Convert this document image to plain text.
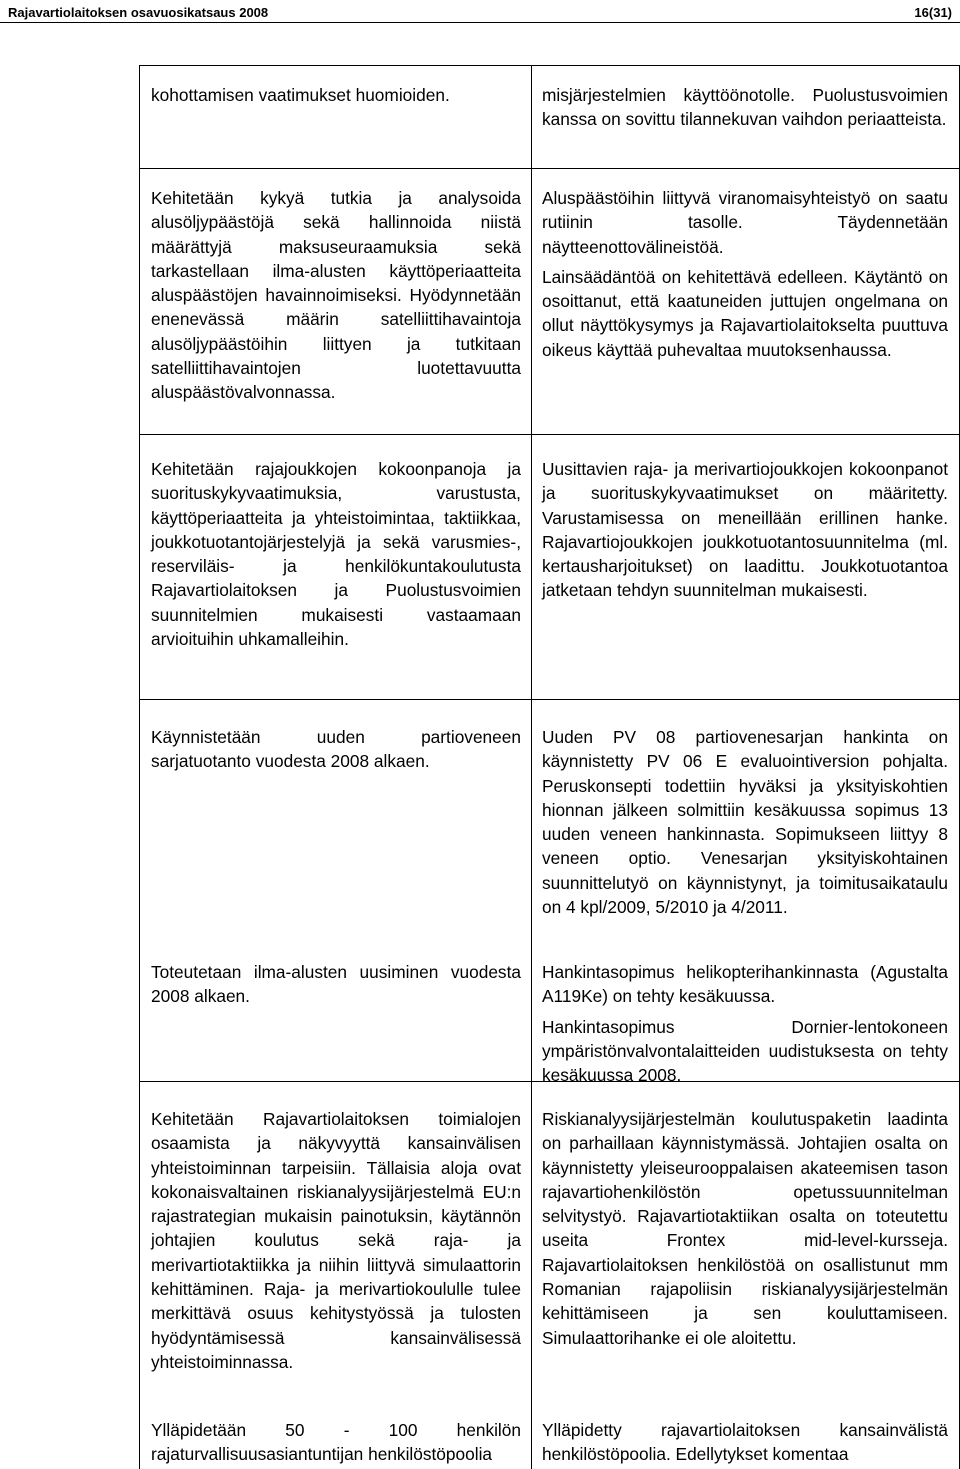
Rajavartiolaitoksen osavuosikatsaus 2008	16(31)

kohottamisen vaatimukset huomioiden.	misjärjestelmien käyttöönotolle. Puolustusvoimien kanssa on sovittu tilannekuvan vaihdon periaatteista.

Kehitetään kykyä tutkia ja analysoida alusöljypäästöjä sekä hallinnoida niistä määrättyjä maksuseuraamuksia sekä tarkastellaan ilma-alusten käyttöperiaatteita aluspäästöjen havainnoimiseksi. Hyödynnetään enenevässä määrin satelliittihavaintoja alusöljypäästöihin liittyen ja tutkitaan satelliittihavaintojen luotettavuutta aluspäästövalvonnassa.

Aluspäästöihin liittyvä viranomaisyhteistyö on saatu rutiinin tasolle. Täydennetään näytteenottovälineistöä.

Lainsäädäntöä on kehitettävä edelleen. Käytäntö on osoittanut, että kaatuneiden juttujen ongelmana on ollut näyttökysymys ja Rajavartiolaitokselta puuttuva oikeus käyttää puhevaltaa muutoksenhaussa.

Kehitetään rajajoukkojen kokoonpanoja ja suorituskykyvaatimuksia, varustusta, käyttöperiaatteita ja yhteistoimintaa, taktiikkaa, joukkotuotantojärjestelyjä ja sekä varusmies-, reserviläis- ja henkilökuntakoulutusta Rajavartiolaitoksen ja Puolustusvoimien suunnitelmien mukaisesti vastaamaan arvioituihin uhkamalleihin.

Uusittavien raja- ja merivartiojoukkojen kokoonpanot ja suorituskykyvaatimukset on määritetty. Varustamisessa on meneillään erillinen hanke. Rajavartiojoukkojen joukkotuotantosuunnitelma (ml. kertausharjoitukset) on laadittu. Joukkotuotantoa jatketaan tehdyn suunnitelman mukaisesti.

Käynnistetään uuden partioveneen sarjatuotanto vuodesta 2008 alkaen.

Uuden PV 08 partiovenesarjan hankinta on käynnistetty PV 06 E evaluointiversion pohjalta. Peruskonsepti todettiin hyväksi ja yksityiskohtien hionnan jälkeen solmittiin kesäkuussa sopimus 13 uuden veneen hankinnasta. Sopimukseen liittyy 8 veneen optio. Venesarjan yksityiskohtainen suunnittelutyö on käynnistynyt, ja toimitusaikataulu on 4 kpl/2009, 5/2010 ja 4/2011.

Toteutetaan ilma-alusten uusiminen vuodesta 2008 alkaen.

Hankintasopimus helikopterihankinnasta (Agustalta A119Ke) on tehty kesäkuussa.

Hankintasopimus Dornier-lentokoneen ympäristönvalvontalaitteiden uudistuksesta on tehty kesäkuussa 2008.

Kehitetään Rajavartiolaitoksen toimialojen osaamista ja näkyvyyttä kansainvälisen yhteistoiminnan tarpeisiin. Tällaisia aloja ovat kokonaisvaltainen riskianalyysijärjestelmä EU:n rajastrategian mukaisin painotuksin, käytännön johtajien koulutus sekä raja- ja merivartiotaktiikka ja niihin liittyvä simulaattorin kehittäminen. Raja- ja merivartiokoululle tulee merkittävä osuus kehitystyössä ja tulosten hyödyntämisessä kansainvälisessä yhteistoiminnassa.

Riskianalyysijärjestelmän koulutuspaketin laadinta on parhaillaan käynnistymässä. Johtajien osalta on käynnistetty yleiseurooppalaisen akateemisen tason rajavartiohenkilöstön opetussuunnitelman selvitystyö. Rajavartiotaktiikan osalta on toteutettu useita Frontex mid-level-kursseja. Rajavartiolaitoksen henkilöstöä on osallistunut mm Romanian rajapoliisin riskianalyysijärjestelmän kehittämiseen ja sen kouluttamiseen. Simulaattorihanke ei ole aloitettu.

Ylläpidetään 50 - 100 henkilön rajaturvallisuusasiantuntijan henkilöstöpoolia

Ylläpidetty rajavartiolaitoksen kansainvälistä henkilöstöpoolia. Edellytykset komentaa
